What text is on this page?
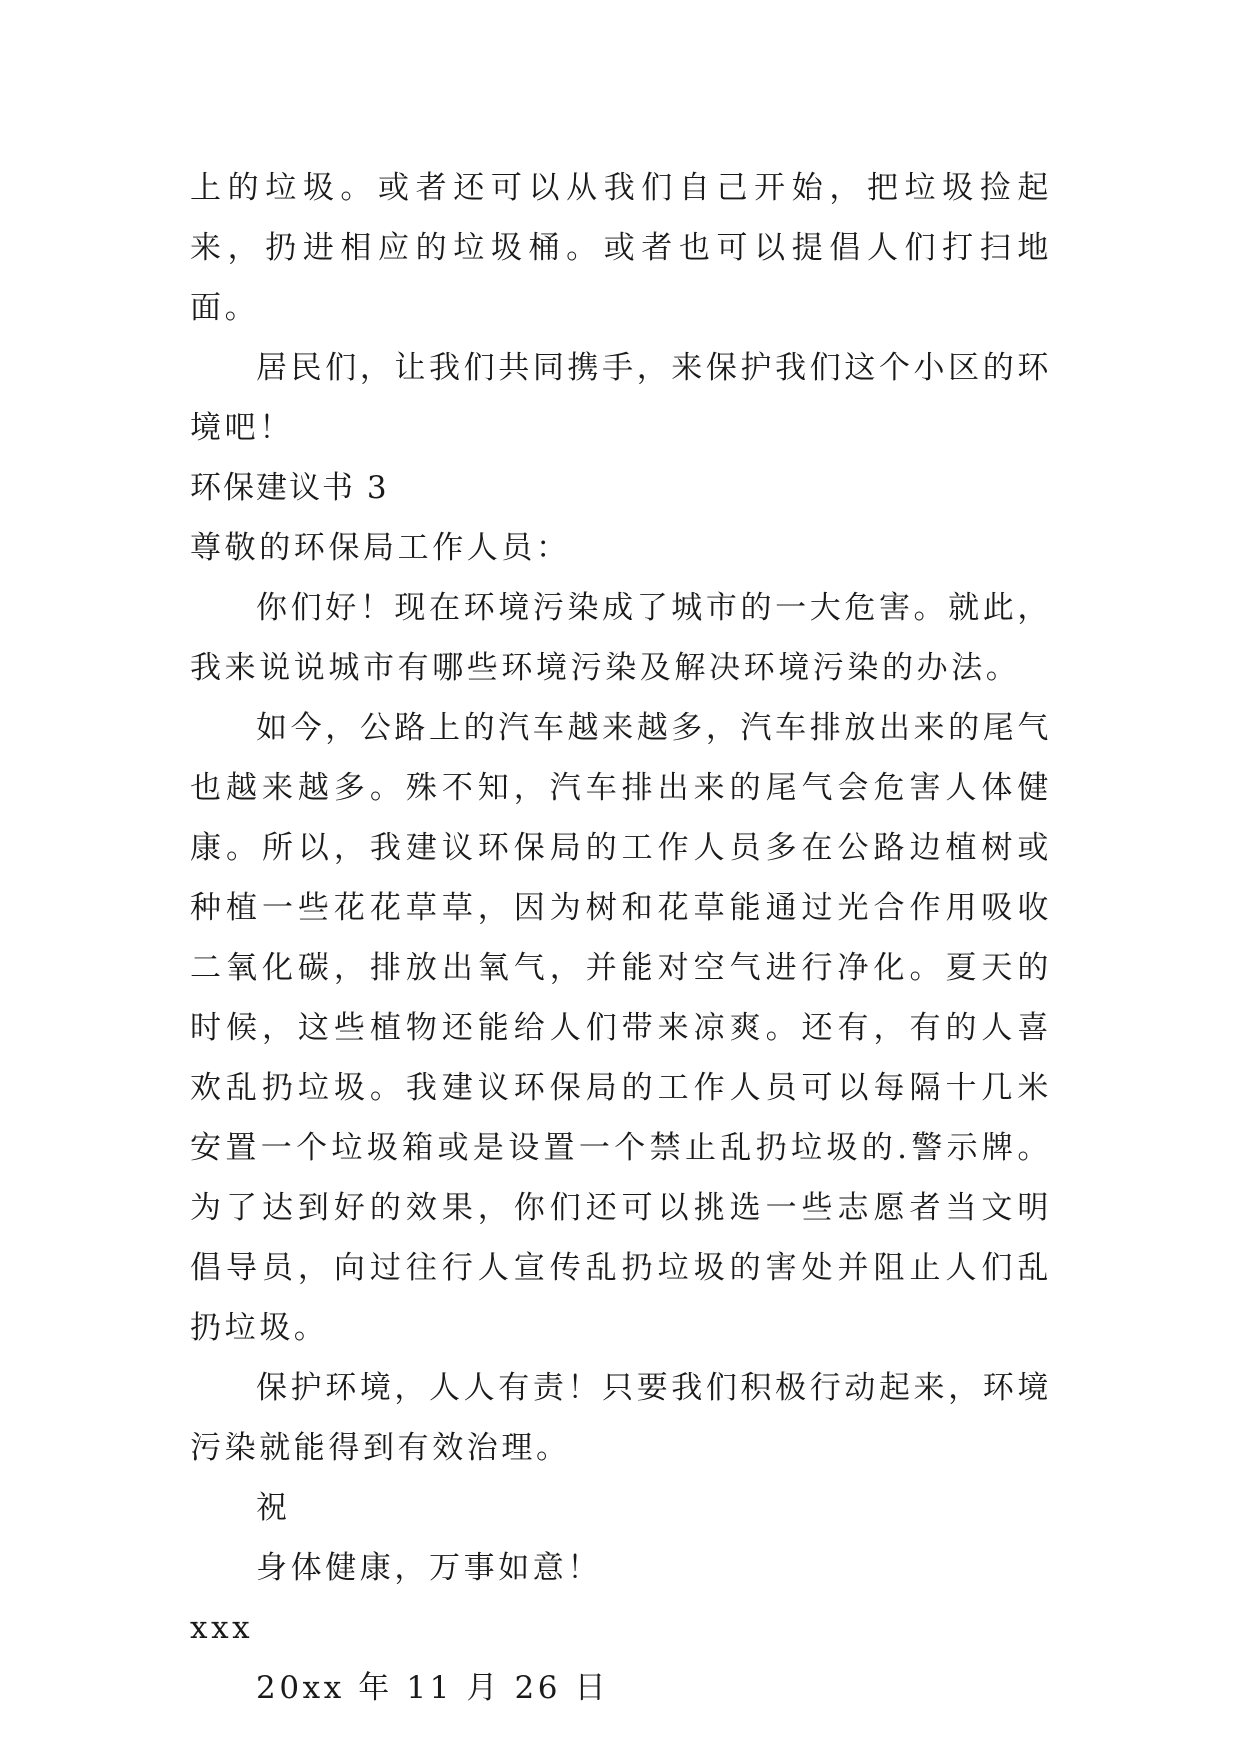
上的垃圾。或者还可以从我们自己开始，把垃圾捡起来，扔进相应的垃圾桶。或者也可以提倡人们打扫地面。

居民们，让我们共同携手，来保护我们这个小区的环境吧！

环保建议书 3

尊敬的环保局工作人员：

你们好！现在环境污染成了城市的一大危害。就此，我来说说城市有哪些环境污染及解决环境污染的办法。

如今，公路上的汽车越来越多，汽车排放出来的尾气也越来越多。殊不知，汽车排出来的尾气会危害人体健康。所以，我建议环保局的工作人员多在公路边植树或种植一些花花草草，因为树和花草能通过光合作用吸收二氧化碳，排放出氧气，并能对空气进行净化。夏天的时候，这些植物还能给人们带来凉爽。还有，有的人喜欢乱扔垃圾。我建议环保局的工作人员可以每隔十几米安置一个垃圾箱或是设置一个禁止乱扔垃圾的.警示牌。为了达到好的效果，你们还可以挑选一些志愿者当文明倡导员，向过往行人宣传乱扔垃圾的害处并阻止人们乱扔垃圾。

保护环境，人人有责！只要我们积极行动起来，环境污染就能得到有效治理。

祝

身体健康，万事如意！

xxx

20xx 年 11 月 26 日
